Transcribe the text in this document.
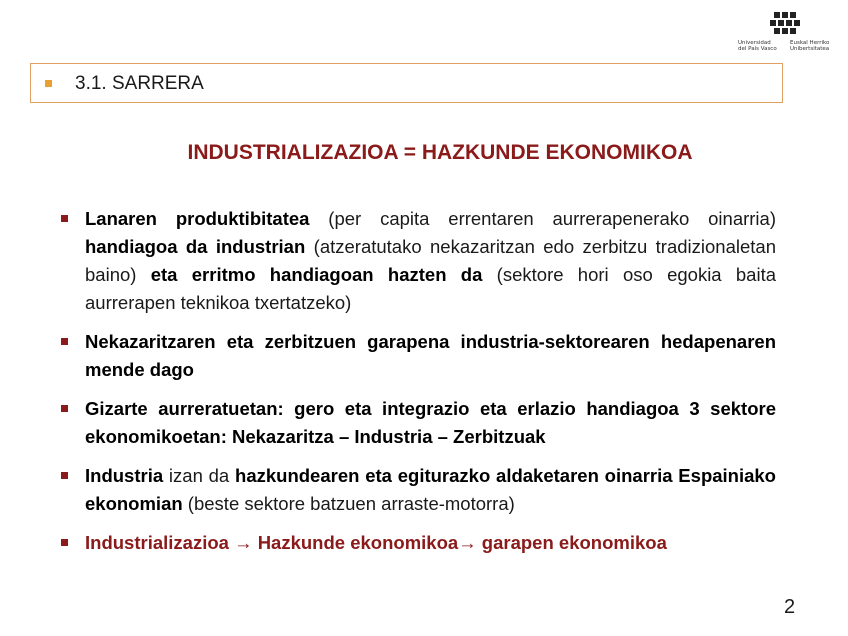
Universidad
del País Vasco
Euskal Herriko
Unibertsitatea
3.1. SARRERA
INDUSTRIALIZAZIOA = HAZKUNDE EKONOMIKOA
Lanaren produktibitatea (per capita errentaren aurrerapenerako oinarria) handiagoa da industrian (atzeratutako nekazaritzan edo zerbitzu tradizionaletan baino) eta erritmo handiagoan hazten da (sektore hori oso egokia baita aurrerapen teknikoa txertatzeko)
Nekazaritzaren eta zerbitzuen garapena industria-sektorearen hedapenaren mende dago
Gizarte aurreratuetan: gero eta integrazio eta erlazio handiagoa 3 sektore ekonomikoetan: Nekazaritza – Industria – Zerbitzuak
Industria izan da hazkundearen eta egiturazko aldaketaren oinarria Espainiako ekonomian (beste sektore batzuen arraste-motorra)
Industrializazioa → Hazkunde ekonomikoa→ garapen ekonomikoa
2
